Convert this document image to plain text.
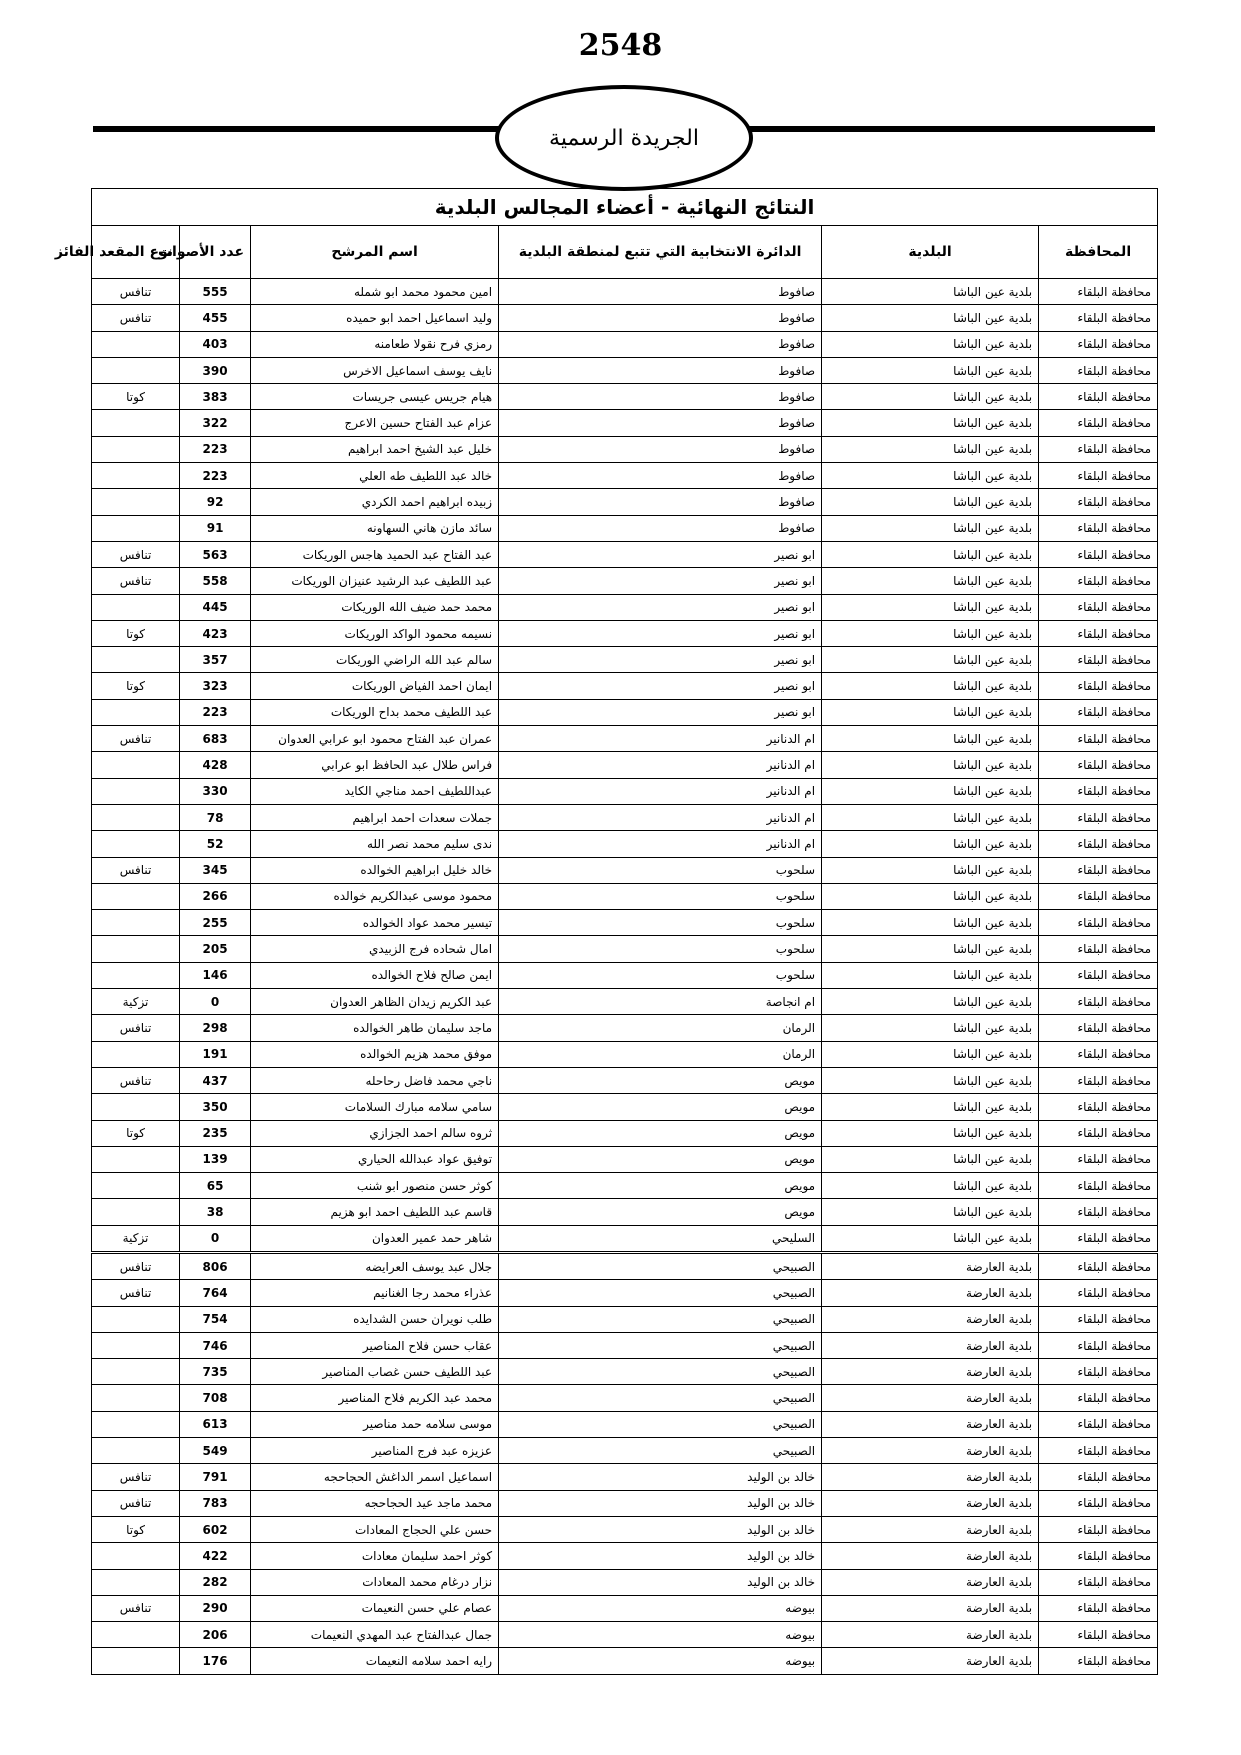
2548
الجريدة الرسمية
النتائج النهائية - أعضاء المجالس البلدية					
المحافظة	البلدية	الدائرة الانتخابية التي تتبع لمنطقة البلدية	اسم المرشح	عدد الأصوات	نوع المقعد الفائز
محافظة البلقاء	بلدية عين الباشا	صافوط	امين محمود محمد ابو شمله	555	تنافس
محافظة البلقاء	بلدية عين الباشا	صافوط	وليد اسماعيل احمد ابو حميده	455	تنافس
محافظة البلقاء	بلدية عين الباشا	صافوط	رمزي فرح نقولا طعامنه	403	
محافظة البلقاء	بلدية عين الباشا	صافوط	نايف يوسف اسماعيل الاخرس	390	
محافظة البلقاء	بلدية عين الباشا	صافوط	هيام جريس عيسى جريسات	383	كوتا
محافظة البلقاء	بلدية عين الباشا	صافوط	عزام عبد الفتاح حسين الاعرج	322	
محافظة البلقاء	بلدية عين الباشا	صافوط	خليل عبد الشيخ احمد ابراهيم	223	
محافظة البلقاء	بلدية عين الباشا	صافوط	خالد عبد اللطيف طه العلي	223	
محافظة البلقاء	بلدية عين الباشا	صافوط	زبيده ابراهيم احمد الكردي	92	
محافظة البلقاء	بلدية عين الباشا	صافوط	سائد مازن هاني السهاونه	91	
محافظة البلقاء	بلدية عين الباشا	ابو نصير	عبد الفتاح عبد الحميد هاجس الوريكات	563	تنافس
محافظة البلقاء	بلدية عين الباشا	ابو نصير	عبد اللطيف عبد الرشيد عنيزان الوريكات	558	تنافس
محافظة البلقاء	بلدية عين الباشا	ابو نصير	محمد حمد ضيف الله الوريكات	445	
محافظة البلقاء	بلدية عين الباشا	ابو نصير	نسيمه محمود الواكد الوريكات	423	كوتا
محافظة البلقاء	بلدية عين الباشا	ابو نصير	سالم عبد الله الراضي الوريكات	357	
محافظة البلقاء	بلدية عين الباشا	ابو نصير	ايمان احمد الفياض الوريكات	323	كوتا
محافظة البلقاء	بلدية عين الباشا	ابو نصير	عبد اللطيف محمد بداح الوريكات	223	
محافظة البلقاء	بلدية عين الباشا	ام الدنانير	عمران عبد الفتاح محمود ابو عرابي العدوان	683	تنافس
محافظة البلقاء	بلدية عين الباشا	ام الدنانير	فراس طلال عبد الحافظ ابو عرابي	428	
محافظة البلقاء	بلدية عين الباشا	ام الدنانير	عبداللطيف احمد مناجي الكايد	330	
محافظة البلقاء	بلدية عين الباشا	ام الدنانير	جملات سعدات احمد ابراهيم	78	
محافظة البلقاء	بلدية عين الباشا	ام الدنانير	ندى سليم محمد نصر الله	52	
محافظة البلقاء	بلدية عين الباشا	سلحوب	خالد خليل ابراهيم الخوالده	345	تنافس
محافظة البلقاء	بلدية عين الباشا	سلحوب	محمود موسى عبدالكريم خوالده	266	
محافظة البلقاء	بلدية عين الباشا	سلحوب	تيسير محمد عواد الخوالده	255	
محافظة البلقاء	بلدية عين الباشا	سلحوب	امال شحاده فرج الزبيدي	205	
محافظة البلقاء	بلدية عين الباشا	سلحوب	ايمن صالح فلاح الخوالده	146	
محافظة البلقاء	بلدية عين الباشا	ام انجاصة	عبد الكريم زيدان الظاهر العدوان	0	تزكية
محافظة البلقاء	بلدية عين الباشا	الرمان	ماجد سليمان طاهر الخوالده	298	تنافس
محافظة البلقاء	بلدية عين الباشا	الرمان	موفق محمد هزيم الخوالده	191	
محافظة البلقاء	بلدية عين الباشا	مويص	ناجي محمد فاضل رحاحله	437	تنافس
محافظة البلقاء	بلدية عين الباشا	مويص	سامي سلامه مبارك السلامات	350	
محافظة البلقاء	بلدية عين الباشا	مويص	ثروه سالم احمد الجزازي	235	كوتا
محافظة البلقاء	بلدية عين الباشا	مويص	توفيق عواد عبدالله الحياري	139	
محافظة البلقاء	بلدية عين الباشا	مويص	كوثر حسن منصور ابو شنب	65	
محافظة البلقاء	بلدية عين الباشا	مويص	قاسم عبد اللطيف احمد ابو هزيم	38	
محافظة البلقاء	بلدية عين الباشا	السليحي	شاهر حمد عمير العدوان	0	تزكية
محافظة البلقاء	بلدية العارضة	الصبيحي	جلال عبد يوسف العرايضه	806	تنافس
محافظة البلقاء	بلدية العارضة	الصبيحي	عذراء محمد رجا الغنانيم	764	تنافس
محافظة البلقاء	بلدية العارضة	الصبيحي	طلب نويران حسن الشدايده	754	
محافظة البلقاء	بلدية العارضة	الصبيحي	عقاب حسن فلاح المناصير	746	
محافظة البلقاء	بلدية العارضة	الصبيحي	عبد اللطيف حسن غصاب المناصير	735	
محافظة البلقاء	بلدية العارضة	الصبيحي	محمد عبد الكريم فلاح المناصير	708	
محافظة البلقاء	بلدية العارضة	الصبيحي	موسى سلامه حمد مناصير	613	
محافظة البلقاء	بلدية العارضة	الصبيحي	عزيزه عبد فرج المناصير	549	
محافظة البلقاء	بلدية العارضة	خالد بن الوليد	اسماعيل اسمر الداغش الحجاحجه	791	تنافس
محافظة البلقاء	بلدية العارضة	خالد بن الوليد	محمد ماجد عيد الحجاحجه	783	تنافس
محافظة البلقاء	بلدية العارضة	خالد بن الوليد	حسن علي الحجاج المعادات	602	كوتا
محافظة البلقاء	بلدية العارضة	خالد بن الوليد	كوثر احمد سليمان معادات	422	
محافظة البلقاء	بلدية العارضة	خالد بن الوليد	نزار درغام محمد المعادات	282	
محافظة البلقاء	بلدية العارضة	بيوضه	عصام علي حسن النعيمات	290	تنافس
محافظة البلقاء	بلدية العارضة	بيوضه	جمال عبدالفتاح عبد المهدي النعيمات	206	
محافظة البلقاء	بلدية العارضة	بيوضه	رايه احمد سلامه النعيمات	176	
